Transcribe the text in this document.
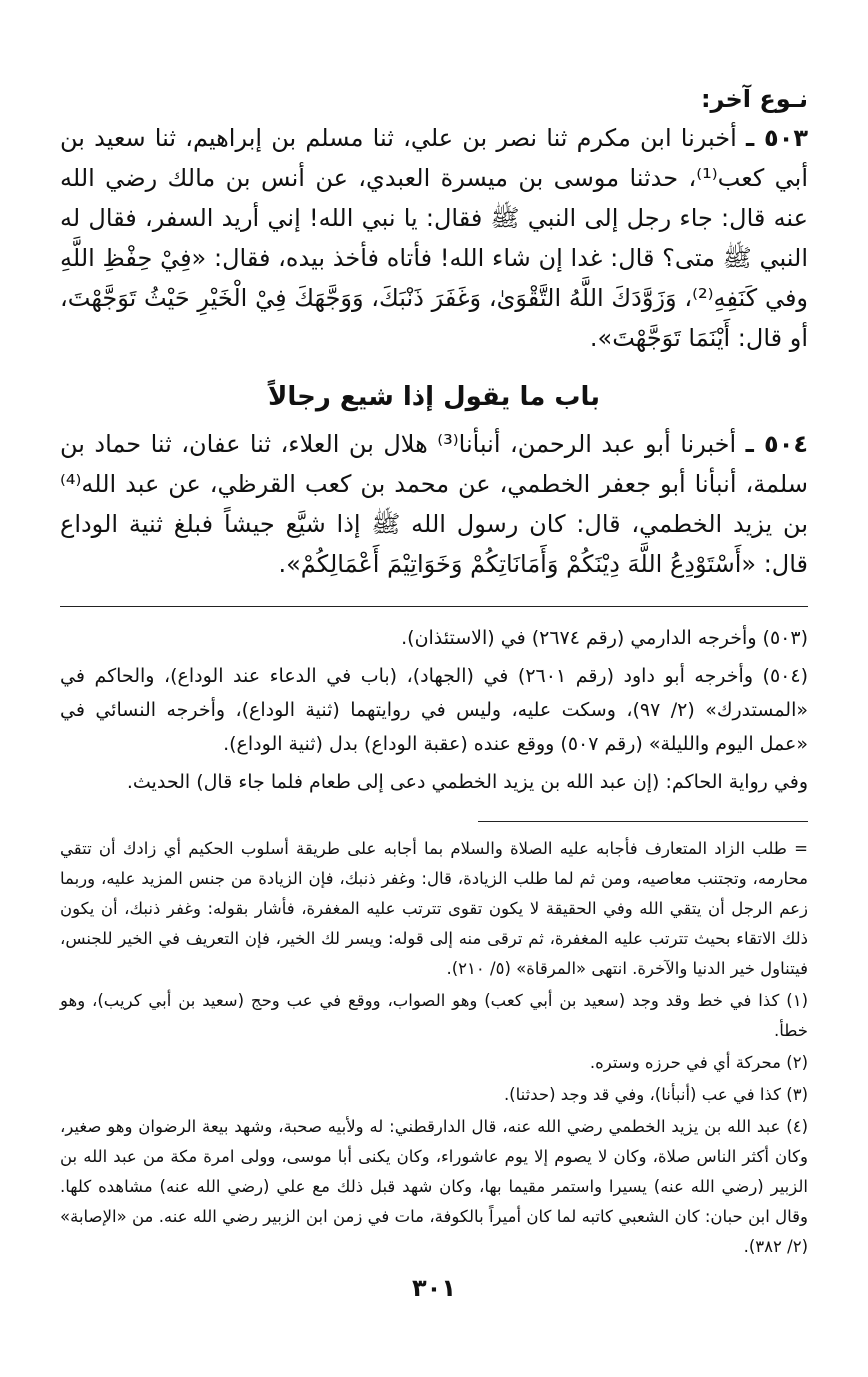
نـوع آخر:

٥٠٣ ـ أخبرنا ابن مكرم ثنا نصر بن علي، ثنا مسلم بن إبراهيم، ثنا سعيد بن أبي كعب⁽¹⁾، حدثنا موسى بن ميسرة العبدي، عن أنس بن مالك رضي الله عنه قال: جاء رجل إلى النبي ﷺ فقال: يا نبي الله! إني أريد السفر، فقال له النبي ﷺ متى؟ قال: غدا إن شاء الله! فأتاه فأخذ بيده، فقال: «فِيْ حِفْظِ اللَّهِ وفي كَنَفِهِ⁽²⁾، وَزَوَّدَكَ اللَّهُ التَّقْوَىٰ، وَغَفَرَ ذَنْبَكَ، وَوَجَّهَكَ فِيْ الْخَيْرِ حَيْثُ تَوَجَّهْتَ، أو قال: أَيْنَمَا تَوَجَّهْتَ».

باب ما يقول إذا شيع رجالاً

٥٠٤ ـ أخبرنا أبو عبد الرحمن، أنبأنا⁽³⁾ هلال بن العلاء، ثنا عفان، ثنا حماد بن سلمة، أنبأنا أبو جعفر الخطمي، عن محمد بن كعب القرظي، عن عبد الله⁽⁴⁾ بن يزيد الخطمي، قال: كان رسول الله ﷺ إذا شيَّع جيشاً فبلغ ثنية الوداع قال: «أَسْتَوْدِعُ اللَّهَ دِيْنَكُمْ وَأَمَانَاتِكُمْ وَخَوَاتِيْمَ أَعْمَالِكُمْ».

(٥٠٣) وأخرجه الدارمي (رقم ٢٦٧٤) في (الاستئذان).

(٥٠٤) وأخرجه أبو داود (رقم ٢٦٠١) في (الجهاد)، (باب في الدعاء عند الوداع)، والحاكم في «المستدرك» (٢/ ٩٧)، وسكت عليه، وليس في روايتهما (ثنية الوداع)، وأخرجه النسائي في «عمل اليوم والليلة» (رقم ٥٠٧) ووقع عنده (عقبة الوداع) بدل (ثنية الوداع).

وفي رواية الحاكم: (إن عبد الله بن يزيد الخطمي دعى إلى طعام فلما جاء قال) الحديث.

= طلب الزاد المتعارف فأجابه عليه الصلاة والسلام بما أجابه على طريقة أسلوب الحكيم أي زادك أن تتقي محارمه، وتجتنب معاصيه، ومن ثم لما طلب الزيادة، قال: وغفر ذنبك، فإن الزيادة من جنس المزيد عليه، وربما زعم الرجل أن يتقي الله وفي الحقيقة لا يكون تقوى تترتب عليه المغفرة، فأشار بقوله: وغفر ذنبك، أن يكون ذلك الاتقاء بحيث تترتب عليه المغفرة، ثم ترقى منه إلى قوله: ويسر لك الخير، فإن التعريف في الخير للجنس، فيتناول خير الدنيا والآخرة. انتهى «المرقاة» (٥/ ٢١٠).

(١) كذا في خط وقد وجد (سعيد بن أبي كعب) وهو الصواب، ووقع في عب وحج (سعيد بن أبي كريب)، وهو خطأ.

(٢) محركة أي في حرزه وستره.

(٣) كذا في عب (أنبأنا)، وفي قد وجد (حدثنا).

(٤) عبد الله بن يزيد الخطمي رضي الله عنه، قال الدارقطني: له ولأبيه صحبة، وشهد بيعة الرضوان وهو صغير، وكان أكثر الناس صلاة، وكان لا يصوم إلا يوم عاشوراء، وكان يكنى أبا موسى، وولى امرة مكة من عبد الله بن الزبير (رضي الله عنه) يسيرا واستمر مقيما بها، وكان شهد قبل ذلك مع علي (رضي الله عنه) مشاهده كلها. وقال ابن حبان: كان الشعبي كاتبه لما كان أميراً بالكوفة، مات في زمن ابن الزبير رضي الله عنه. من «الإصابة» (٢/ ٣٨٢).

٣٠١
